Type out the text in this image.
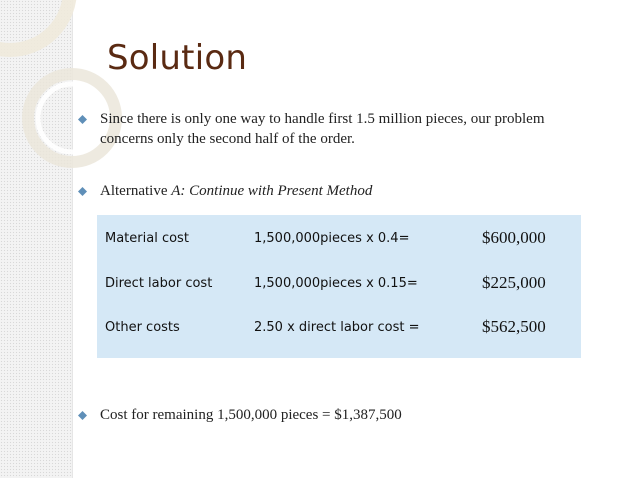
Solution
Since there is only one way to handle first 1.5 million pieces, our problem concerns only the second half of the order.
Alternative A: Continue with Present Method
Material cost	1,500,000pieces x 0.4=	$600,000
Direct labor cost	1,500,000pieces x 0.15=	$225,000
Other costs	2.50 x direct labor cost =	$562,500
Cost for remaining 1,500,000 pieces = $1,387,500
